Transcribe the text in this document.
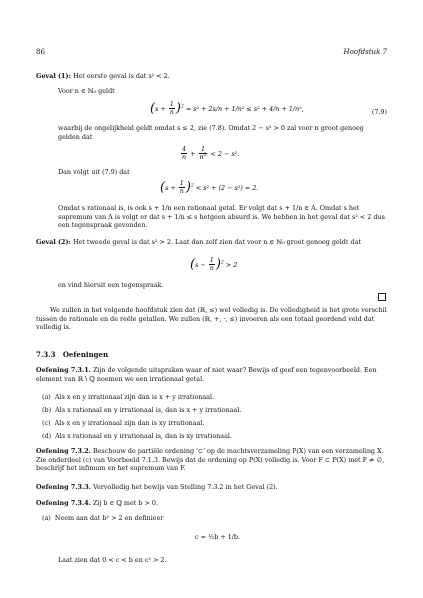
86	Hoofdstuk 7
Geval (1): Het eerste geval is dat s² < 2.
Voor n ∈ ℕ₀ geldt
$(s + \frac{1}{n} )^2 = s^2 + 2s/n + 1/n^2 \le s^2 + 4/n + 1/n^2$,	(7.9)
waarbij de ongelijkheid geldt omdat s ≤ 2, zie (7.8). Omdat 2 − s² > 0 zal voor n groot genoeg gelden dat
$\frac{4}{n} + \frac{1}{n^2} < 2 - s^2$.
Dan volgt uit (7.9) dat
$(s + \frac{1}{n} )^2 < s^2 + (2 - s^2) = 2$.
Omdat s rationaal is, is ook s + 1/n een rationaal getal. Er volgt dat s + 1/n ∈ A. Omdat s het supremum van A is volgt er dat s + 1/n ≤ s hetgeen absurd is. We hebben in het geval dat s² < 2 dus een tegenspraak gevonden.
Geval (2): Het tweede geval is dat s² > 2. Laat dan zelf zien dat voor n ∈ ℕ₀ groot genoeg geldt dat
$(s - \frac{1}{n} )^2 > 2$
en vind hieruit een tegenspraak.
We zullen in het volgende hoofdstuk zien dat (ℝ, ≤) wel volledig is. De volledigheid is het grote verschil tussen de rationale en de reële getallen. We zullen (ℝ, +, ·, ≤) invoeren als een totaal geordend veld dat volledig is.
7.3.3 Oefeningen
Oefening 7.3.1. Zijn de volgende uitspraken waar of niet waar? Bewijs of geef een tegenvoorbeeld. Een element van ℝ \ ℚ noemen we een irrationaal getal.
(a) Als x en y irrationaal zijn dan is x + y irrationaal.
(b) Als x rationaal en y irrationaal is, dan is x + y irrationaal.
(c) Als x en y irrationaal zijn dan is xy irrationaal.
(d) Als x rationaal en y irrationaal is, dan is xy irrationaal.
Oefening 7.3.2. Beschouw de partiële ordening '⊂' op de machtsverzameling P(X) van een verzameling X. Zie onderdeel (c) van Voorbeeld 7.1.3. Bewijs dat de ordening op P(X) volledig is. Voor F ⊂ P(X) met F ≠ ∅, beschrijf het infimum en het supremum van F.
Oefening 7.3.3. Vervolledig het bewijs van Stelling 7.3.2 in het Geval (2).
Oefening 7.3.4. Zij b ∈ ℚ met b > 0.
(a) Neem aan dat b² > 2 en definieer
c = ½b + 1/b.
Laat zien dat 0 < c < b en c² > 2.
